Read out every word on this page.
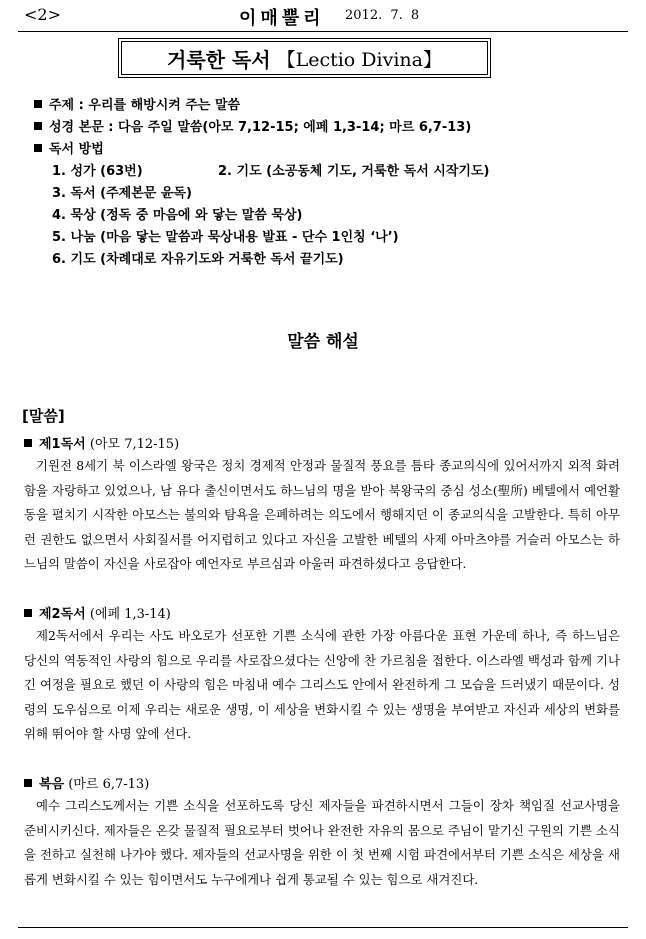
<2>	이매뿔리 2012. 7. 8
거룩한 독서 【Lectio Divina】
주제 : 우리를 해방시켜 주는 말씀
성경 본문 : 다음 주일 말씀(아모 7,12-15; 에페 1,3-14; 마르 6,7-13)
독서 방법
1. 성가 (63번)	2. 기도 (소공동체 기도, 거룩한 독서 시작기도)
3. 독서 (주제본문 윤독)
4. 묵상 (정독 중 마음에 와 닿는 말씀 묵상)
5. 나눔 (마음 닿는 말씀과 묵상내용 발표 - 단수 1인칭 ‘나’)
6. 기도 (차례대로 자유기도와 거룩한 독서 끝기도)
말씀 해설
[말씀]
제1독서 (아모 7,12-15)
기원전 8세기 북 이스라엘 왕국은 정치 경제적 안정과 물질적 풍요를 틈타 종교의식에 있어서까지 외적 화려함을 자랑하고 있었으나, 남 유다 출신이면서도 하느님의 명을 받아 북왕국의 중심 성소(聖所) 베텔에서 예언활동을 펼치기 시작한 아모스는 불의와 탐욕을 은폐하려는 의도에서 행해지던 이 종교의식을 고발한다. 특히 아무런 권한도 없으면서 사회질서를 어지럽히고 있다고 자신을 고발한 베텔의 사제 아마츠야를 거슬러 아모스는 하느님의 말씀이 자신을 사로잡아 예언자로 부르심과 아울러 파견하셨다고 응답한다.
제2독서 (에페 1,3-14)
제2독서에서 우리는 사도 바오로가 선포한 기쁜 소식에 관한 가장 아름다운 표현 가운데 하나, 즉 하느님은 당신의 역동적인 사랑의 힘으로 우리를 사로잡으셨다는 신앙에 찬 가르침을 접한다. 이스라엘 백성과 함께 기나긴 여정을 필요로 했던 이 사랑의 힘은 마침내 예수 그리스도 안에서 완전하게 그 모습을 드러냈기 때문이다. 성령의 도우심으로 이제 우리는 새로운 생명, 이 세상을 변화시킬 수 있는 생명을 부여받고 자신과 세상의 변화를 위해 뛰어야 할 사명 앞에 선다.
복음 (마르 6,7-13)
예수 그리스도께서는 기쁜 소식을 선포하도록 당신 제자들을 파견하시면서 그들이 장차 책임질 선교사명을 준비시키신다. 제자들은 온갖 물질적 필요로부터 벗어나 완전한 자유의 몸으로 주님이 맡기신 구원의 기쁜 소식을 전하고 실천해 나가야 했다. 제자들의 선교사명을 위한 이 첫 번째 시험 파견에서부터 기쁜 소식은 세상을 새롭게 변화시킬 수 있는 힘이면서도 누구에게나 쉽게 통교될 수 있는 힘으로 새겨진다.
